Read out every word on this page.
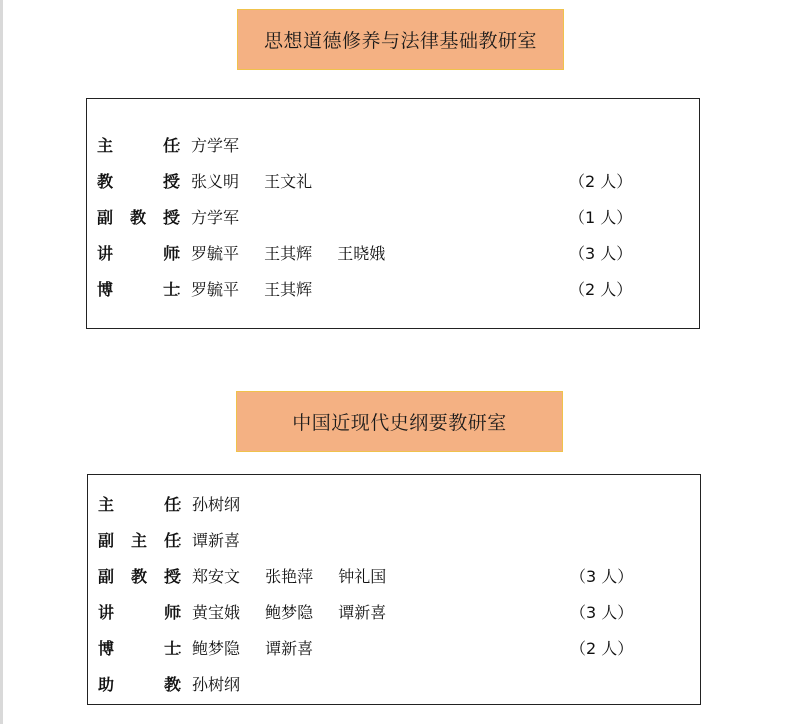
思想道德修养与法律基础教研室
主	任
： 方学军
教	授
： 张义明 王文礼	（2 人）
副 教 授
： 方学军	（1 人）
讲	师
： 罗毓平 王其辉 王晓娥	（3 人）
博	士
： 罗毓平 王其辉	（2 人）
中国近现代史纲要教研室
主	任
： 孙树纲
副 主 任
： 谭新喜
副 教 授
： 郑安文 张艳萍 钟礼国	（3 人）
讲	师
： 黄宝娥 鲍梦隐 谭新喜	（3 人）
博	士
： 鲍梦隐 谭新喜	（2 人）
助	教
： 孙树纲
